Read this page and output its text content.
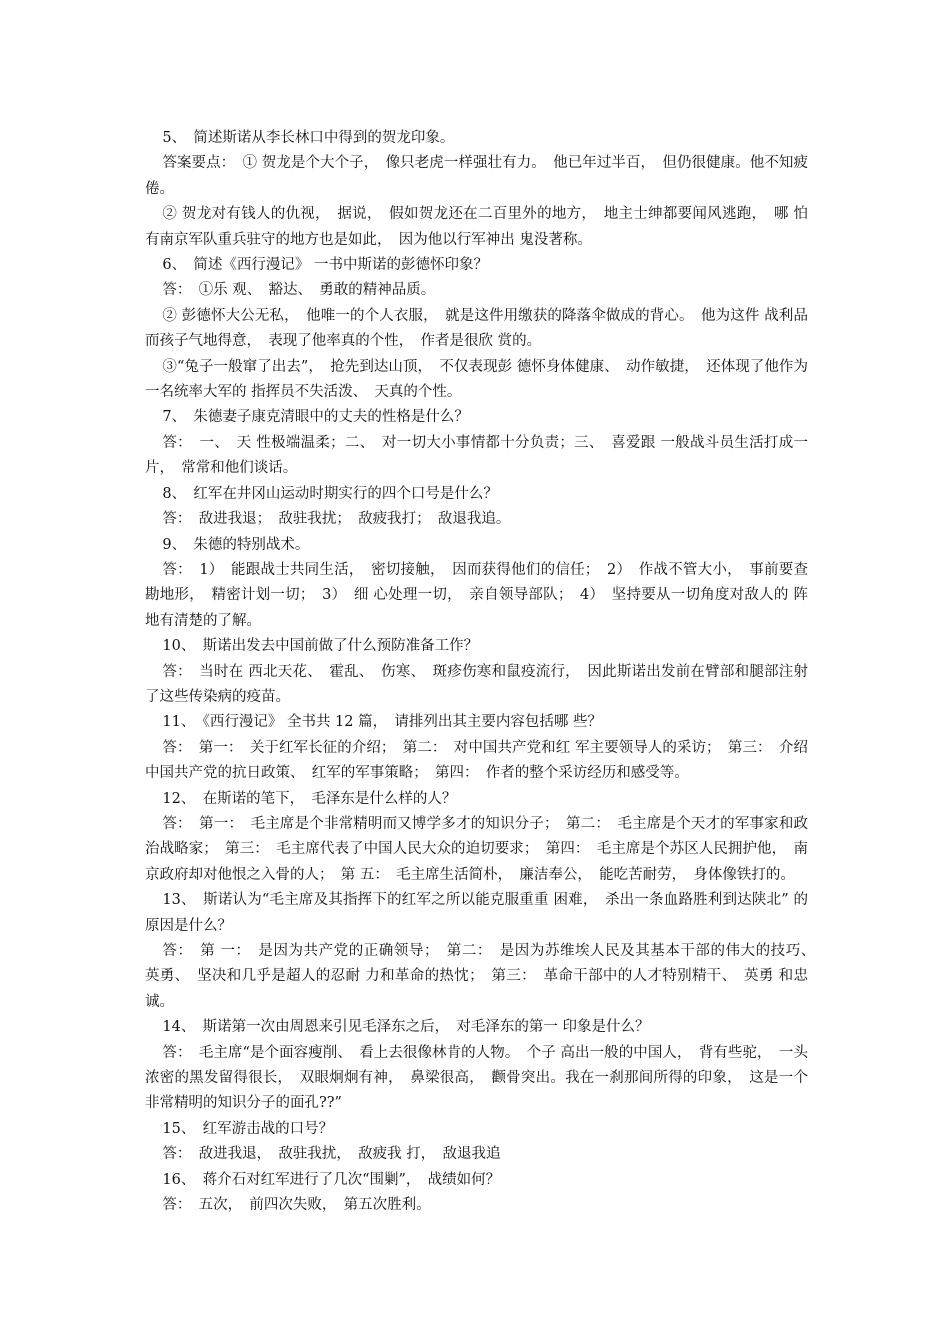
5、　简述斯诺从李长林口中得到的贺龙印象。

答案要点：　① 贺龙是个大个子，　像只老虎一样强壮有力。　他已年过半百，　但仍很健康。他不知疲倦。

② 贺龙对有钱人的仇视，　据说，　假如贺龙还在二百里外的地方，　地主士绅都要闻风逃跑，　哪 怕有南京军队重兵驻守的地方也是如此，　因为他以行军神出 鬼没著称。

6、　简述《西行漫记》 一书中斯诺的彭德怀印象？

答：　①乐 观、　豁达、　勇敢的精神品质。

② 彭德怀大公无私，　他唯一的个人衣服，　就是这件用缴获的降落伞做成的背心。　他为这件 战利品而孩子气地得意，　表现了他率真的个性，　作者是很欣 赏的。

③“兔子一般窜了出去”，　抢先到达山顶，　不仅表现彭 德怀身体健康、　动作敏捷，　还体现了他作为一名统率大军的 指挥员不失活泼、　天真的个性。

7、　朱德妻子康克清眼中的丈夫的性格是什么？

答：　一、　天 性极端温柔；二、　对一切大小事情都十分负责；三、　喜爱跟 一般战斗员生活打成一片，　常常和他们谈话。

8、　红军在井冈山运动时期实行的四个口号是什么？

答：　敌进我退；　敌驻我扰；　敌疲我打；　敌退我追。

9、　朱德的特别战术。

答：　1）　能跟战士共同生活，　密切接触，　因而获得他们的信任；　2）　作战不管大小，　事前要查勘地形，　精密计划一切；　3）　细 心处理一切，　亲自领导部队；　4）　坚持要从一切角度对敌人的 阵地有清楚的了解。

10、　斯诺出发去中国前做了什么预防准备工作？

答：　当时在 西北天花、　霍乱、　伤寒、　斑疹伤寒和鼠疫流行，　因此斯诺出发前在臂部和腿部注射了这些传染病的疫苗。

11、　《西行漫记》 全书共 12 篇，　请排列出其主要内容包括哪 些？

答：　第一：　关于红军长征的介绍；　第二：　对中国共产党和红 军主要领导人的采访；　第三：　介绍中国共产党的抗日政策、　红军的军事策略；　第四：　作者的整个采访经历和感受等。

12、　在斯诺的笔下，　毛泽东是什么样的人？

答：　第一：　毛主席是个非常精明而又博学多才的知识分子；　第二：　毛主席是个天才的军事家和政治战略家；　第三：　毛主席代表了中国人民大众的迫切要求；　第四：　毛主席是个苏区人民拥护他，　南京政府却对他恨之入骨的人；　第 五：　毛主席生活简朴，　廉洁奉公，　能吃苦耐劳，　身体像铁打的。

13、　斯诺认为“毛主席及其指挥下的红军之所以能克服重重 困难，　杀出一条血路胜利到达陕北” 的原因是什么？

答：　第 一：　是因为共产党的正确领导；　第二：　是因为苏维埃人民及其基本干部的伟大的技巧、　英勇、　坚决和几乎是超人的忍耐 力和革命的热忱；　第三：　革命干部中的人才特别精干、　英勇 和忠诚。

14、　斯诺第一次由周恩来引见毛泽东之后，　对毛泽东的第一 印象是什么？

答：　毛主席“是个面容瘦削、　看上去很像林肯的人物。　个子 高出一般的中国人，　背有些驼，　一头浓密的黑发留得很长，　双眼炯炯有神，　鼻梁很高，　颧骨突出。我在一刹那间所得的印象，　这是一个非常精明的知识分子的面孔??”

15、　红军游击战的口号？

答：　敌进我退，　敌驻我扰，　敌疲我 打，　敌退我追

16、　蒋介石对红军进行了几次“围剿”，　战绩如何？

答：　五次，　前四次失败，　第五次胜利。
